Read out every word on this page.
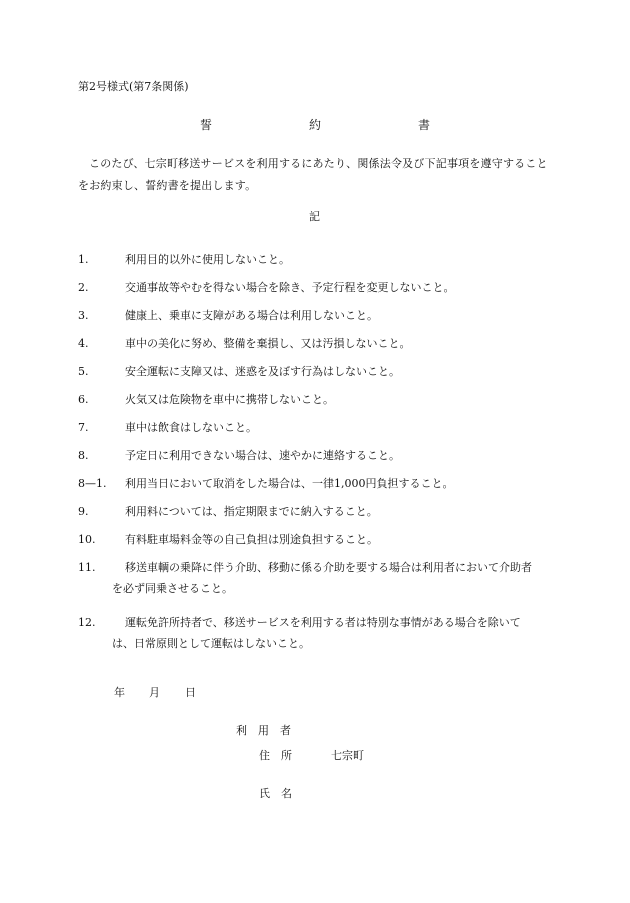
第2号様式(第7条関係)
誓	約	書
このたび、七宗町移送サービスを利用するにあたり、関係法令及び下記事項を遵守することをお約束し、誓約書を提出します。
記
1.	利用目的以外に使用しないこと。
2.	交通事故等やむを得ない場合を除き、予定行程を変更しないこと。
3.	健康上、乗車に支障がある場合は利用しないこと。
4.	車中の美化に努め、整備を棄損し、又は汚損しないこと。
5.	安全運転に支障又は、迷惑を及ぼす行為はしないこと。
6.	火気又は危険物を車中に携帯しないこと。
7.	車中は飲食はしないこと。
8.	予定日に利用できない場合は、速やかに連絡すること。
8—1. 利用当日において取消をした場合は、一律1,000円負担すること。
9.	利用料については、指定期限までに納入すること。
10.	有料駐車場料金等の自己負担は別途負担すること。
11.	移送車輌の乗降に伴う介助、移動に係る介助を要する場合は利用者において介助者
を必ず同乗させること。
12.	運転免許所持者で、移送サービスを利用する者は特別な事情がある場合を除いて
は、日常原則として運転はしないこと。
年 月 日
利　用　者
住　所	七宗町
氏　名
